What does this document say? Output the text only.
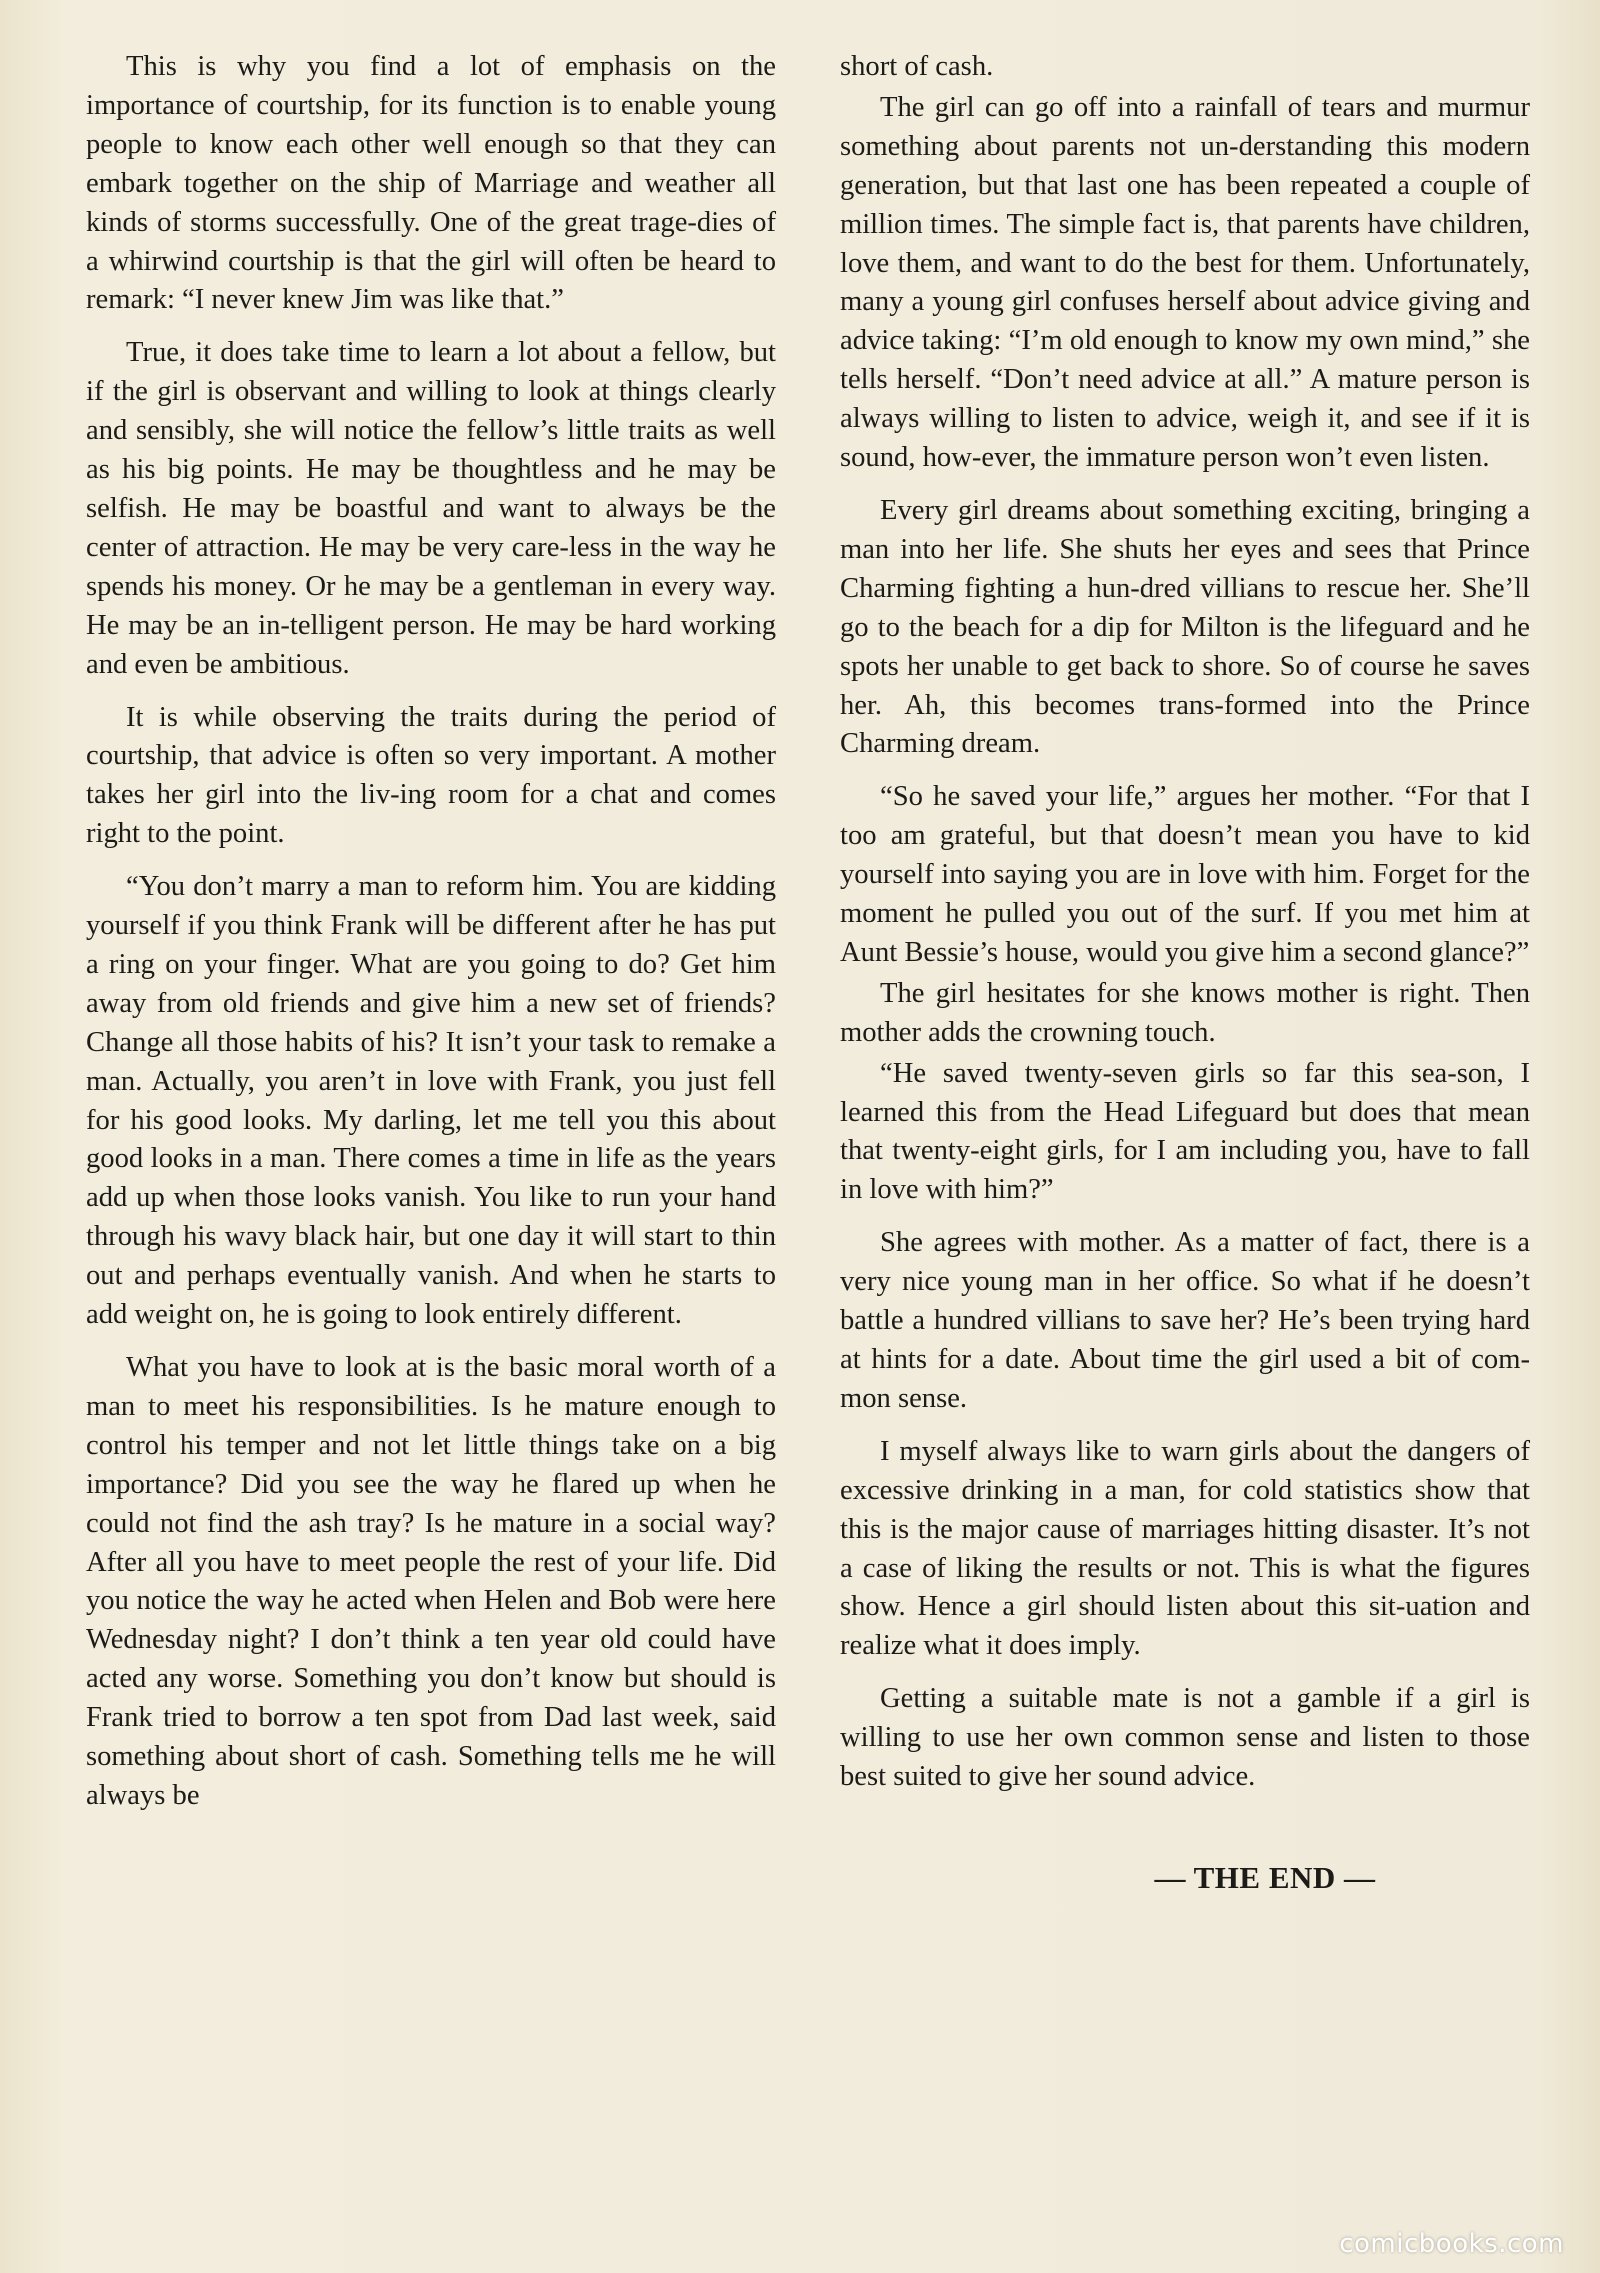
This is why you find a lot of emphasis on the importance of courtship, for its function is to enable young people to know each other well enough so that they can embark together on the ship of Marriage and weather all kinds of storms successfully. One of the great trage-dies of a whirwind courtship is that the girl will often be heard to remark: “I never knew Jim was like that.”

True, it does take time to learn a lot about a fellow, but if the girl is observant and willing to look at things clearly and sensibly, she will notice the fellow’s little traits as well as his big points. He may be thoughtless and he may be selfish. He may be boastful and want to always be the center of attraction. He may be very care-less in the way he spends his money. Or he may be a gentleman in every way. He may be an in-telligent person. He may be hard working and even be ambitious.

It is while observing the traits during the period of courtship, that advice is often so very important. A mother takes her girl into the liv-ing room for a chat and comes right to the point.

“You don’t marry a man to reform him. You are kidding yourself if you think Frank will be different after he has put a ring on your finger. What are you going to do? Get him away from old friends and give him a new set of friends? Change all those habits of his? It isn’t your task to remake a man. Actually, you aren’t in love with Frank, you just fell for his good looks. My darling, let me tell you this about good looks in a man. There comes a time in life as the years add up when those looks vanish. You like to run your hand through his wavy black hair, but one day it will start to thin out and perhaps eventually vanish. And when he starts to add weight on, he is going to look entirely different.

What you have to look at is the basic moral worth of a man to meet his responsibilities. Is he mature enough to control his temper and not let little things take on a big importance? Did you see the way he flared up when he could not find the ash tray? Is he mature in a social way? After all you have to meet people the rest of your life. Did you notice the way he acted when Helen and Bob were here Wednesday night? I don’t think a ten year old could have acted any worse. Something you don’t know but should is Frank tried to borrow a ten spot from Dad last week, said something about short of cash. Something tells me he will always be

short of cash.

The girl can go off into a rainfall of tears and murmur something about parents not un-derstanding this modern generation, but that last one has been repeated a couple of million times. The simple fact is, that parents have children, love them, and want to do the best for them. Unfortunately, many a young girl confuses herself about advice giving and advice taking: “I’m old enough to know my own mind,” she tells herself. “Don’t need advice at all.” A mature person is always willing to listen to advice, weigh it, and see if it is sound, how-ever, the immature person won’t even listen.

Every girl dreams about something exciting, bringing a man into her life. She shuts her eyes and sees that Prince Charming fighting a hun-dred villians to rescue her. She’ll go to the beach for a dip for Milton is the lifeguard and he spots her unable to get back to shore. So of course he saves her. Ah, this becomes trans-formed into the Prince Charming dream.

“So he saved your life,” argues her mother. “For that I too am grateful, but that doesn’t mean you have to kid yourself into saying you are in love with him. Forget for the moment he pulled you out of the surf. If you met him at Aunt Bessie’s house, would you give him a second glance?”

The girl hesitates for she knows mother is right. Then mother adds the crowning touch.

“He saved twenty-seven girls so far this sea-son, I learned this from the Head Lifeguard but does that mean that twenty-eight girls, for I am including you, have to fall in love with him?”

She agrees with mother. As a matter of fact, there is a very nice young man in her office. So what if he doesn’t battle a hundred villians to save her? He’s been trying hard at hints for a date. About time the girl used a bit of com-mon sense.

I myself always like to warn girls about the dangers of excessive drinking in a man, for cold statistics show that this is the major cause of marriages hitting disaster. It’s not a case of liking the results or not. This is what the figures show. Hence a girl should listen about this sit-uation and realize what it does imply.

Getting a suitable mate is not a gamble if a girl is willing to use her own common sense and listen to those best suited to give her sound advice.

— THE END —
comicbooks.com
